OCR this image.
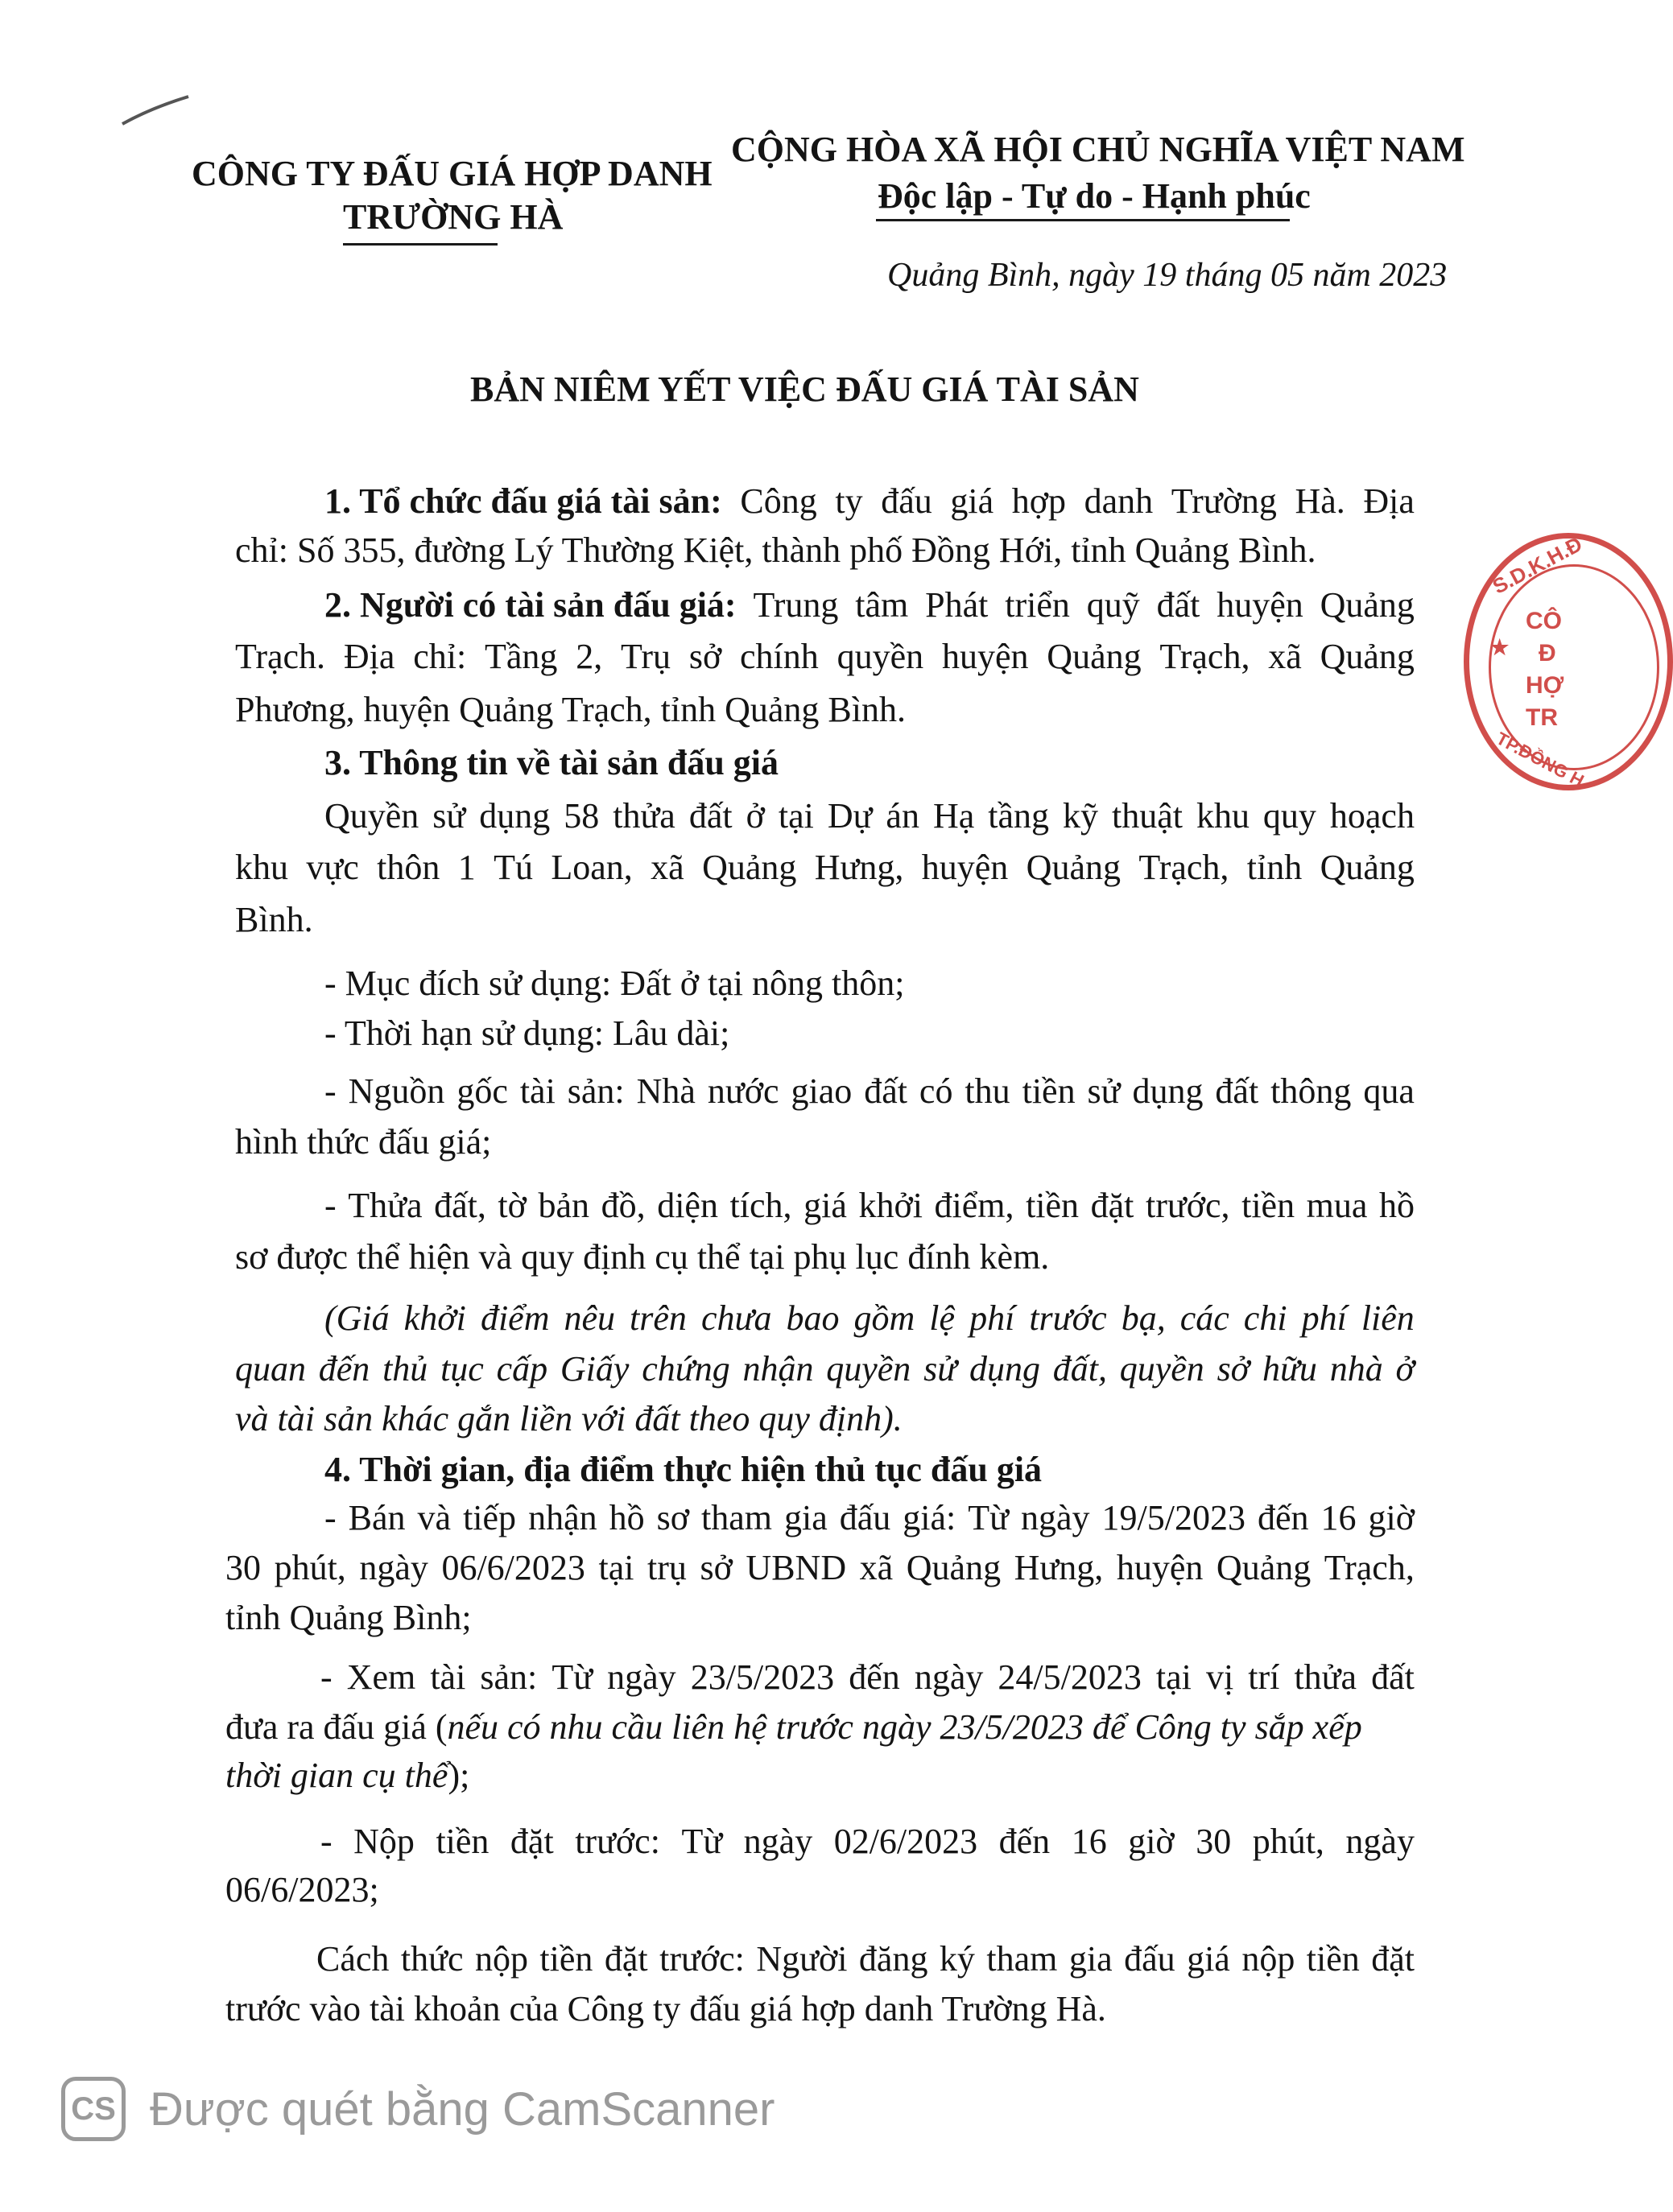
CÔNG TY ĐẤU GIÁ HỢP DANH
TRƯỜNG HÀ
CỘNG HÒA XÃ HỘI CHỦ NGHĨA VIỆT NAM
Độc lập - Tự do - Hạnh phúc
Quảng Bình, ngày 19 tháng 05 năm 2023
BẢN NIÊM YẾT VIỆC ĐẤU GIÁ TÀI SẢN
1. Tổ chức đấu giá tài sản: Công ty đấu giá hợp danh Trường Hà. Địa
chỉ: Số 355, đường Lý Thường Kiệt, thành phố Đồng Hới, tỉnh Quảng Bình.
2. Người có tài sản đấu giá: Trung tâm Phát triển quỹ đất huyện Quảng
Trạch. Địa chỉ: Tầng 2, Trụ sở chính quyền huyện Quảng Trạch, xã Quảng
Phương, huyện Quảng Trạch, tỉnh Quảng Bình.
3. Thông tin về tài sản đấu giá
Quyền sử dụng 58 thửa đất ở tại Dự án Hạ tầng kỹ thuật khu quy hoạch
khu vực thôn 1 Tú Loan, xã Quảng Hưng, huyện Quảng Trạch, tỉnh Quảng
Bình.
- Mục đích sử dụng: Đất ở tại nông thôn;
- Thời hạn sử dụng: Lâu dài;
- Nguồn gốc tài sản: Nhà nước giao đất có thu tiền sử dụng đất thông qua
hình thức đấu giá;
- Thửa đất, tờ bản đồ, diện tích, giá khởi điểm, tiền đặt trước, tiền mua hồ
sơ được thể hiện và quy định cụ thể tại phụ lục đính kèm.
(Giá khởi điểm nêu trên chưa bao gồm lệ phí trước bạ, các chi phí liên
quan đến thủ tục cấp Giấy chứng nhận quyền sử dụng đất, quyền sở hữu nhà ở
và tài sản khác gắn liền với đất theo quy định).
4. Thời gian, địa điểm thực hiện thủ tục đấu giá
- Bán và tiếp nhận hồ sơ tham gia đấu giá: Từ ngày 19/5/2023 đến 16 giờ
30 phút, ngày 06/6/2023 tại trụ sở UBND xã Quảng Hưng, huyện Quảng Trạch,
tỉnh Quảng Bình;
- Xem tài sản: Từ ngày 23/5/2023 đến ngày 24/5/2023 tại vị trí thửa đất
đưa ra đấu giá (nếu có nhu cầu liên hệ trước ngày 23/5/2023 để Công ty sắp xếp
thời gian cụ thể);
- Nộp tiền đặt trước: Từ ngày 02/6/2023 đến 16 giờ 30 phút, ngày
06/6/2023;
Cách thức nộp tiền đặt trước: Người đăng ký tham gia đấu giá nộp tiền đặt
trước vào tài khoản của Công ty đấu giá hợp danh Trường Hà.
S.D.K.H.Đ
CÔ
Đ
HỢ
TR
★
TP.ĐỒNG H
CS Được quét bằng CamScanner
